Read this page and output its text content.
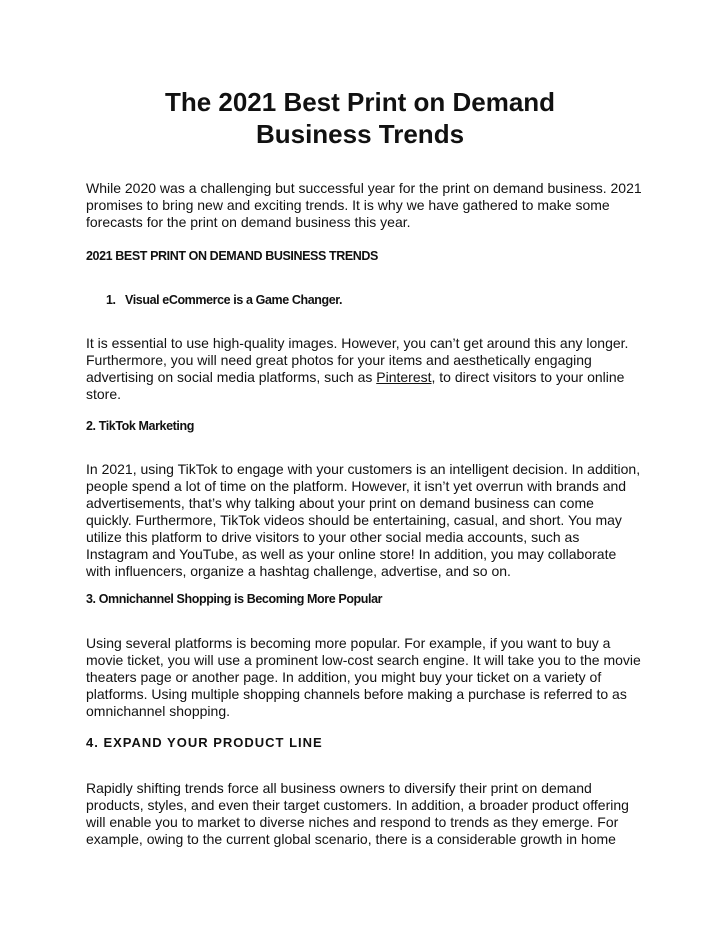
The 2021 Best Print on Demand
Business Trends

While 2020 was a challenging but successful year for the print on demand business. 2021 promises to bring new and exciting trends. It is why we have gathered to make some forecasts for the print on demand business this year.

2021 BEST PRINT ON DEMAND BUSINESS TRENDS

1. Visual eCommerce is a Game Changer.

It is essential to use high-quality images. However, you can’t get around this any longer. Furthermore, you will need great photos for your items and aesthetically engaging advertising on social media platforms, such as Pinterest, to direct visitors to your online store.

2. TikTok Marketing

In 2021, using TikTok to engage with your customers is an intelligent decision. In addition, people spend a lot of time on the platform. However, it isn’t yet overrun with brands and advertisements, that’s why talking about your print on demand business can come quickly. Furthermore, TikTok videos should be entertaining, casual, and short. You may utilize this platform to drive visitors to your other social media accounts, such as Instagram and YouTube, as well as your online store! In addition, you may collaborate with influencers, organize a hashtag challenge, advertise, and so on.

3. Omnichannel Shopping is Becoming More Popular

Using several platforms is becoming more popular. For example, if you want to buy a movie ticket, you will use a prominent low-cost search engine. It will take you to the movie theaters page or another page. In addition, you might buy your ticket on a variety of platforms. Using multiple shopping channels before making a purchase is referred to as omnichannel shopping.

4. EXPAND YOUR PRODUCT LINE

Rapidly shifting trends force all business owners to diversify their print on demand products, styles, and even their target customers. In addition, a broader product offering will enable you to market to diverse niches and respond to trends as they emerge. For example, owing to the current global scenario, there is a considerable growth in home
